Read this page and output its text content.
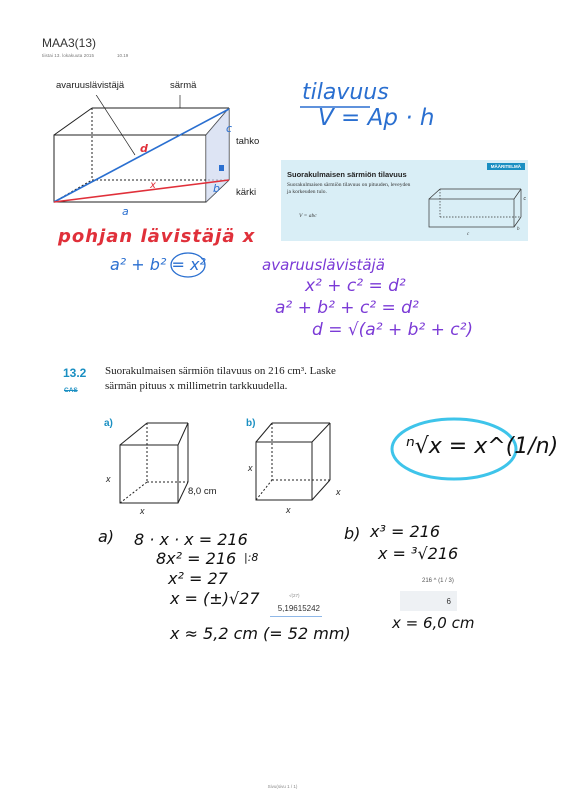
MAA3(13)
tiistai 13. lokakuuta 2015	10.19
avaruuslävistäjä	särmä
tahko
kärki
c
b
a
d
x
tilavuus
V = Ap · h
MÄÄRITELMÄ
Suorakulmaisen särmiön tilavuus
Suorakulmaisen särmiön tilavuus on pituuden, leveyden ja korkeuden tulo.
V = abc
c
b
c
pohjan lävistäjä x
a² + b² = x²	avaruuslävistäjä
x² + c² = d²
a² + b² + c² = d²
d = √(a² + b² + c²)
13.2
CAS
Suorakulmaisen särmiön tilavuus on 216 cm³. Laske särmän pituus x millimetrin tarkkuudella.
a)	b)
x
x
8,0 cm
x
x
x
ⁿ√x = x^(1/n)
a) 8 · x · x = 216
8x² = 216 |:8
x² = 27
x = (±)√27
x ≈ 5,2 cm (= 52 mm)
√(27)
5,19615242
b) x³ = 216
x = ³√216
216 ^ (1 / 3)
6
x = 6,0 cm
Sivu(sivu 1 / 1)
